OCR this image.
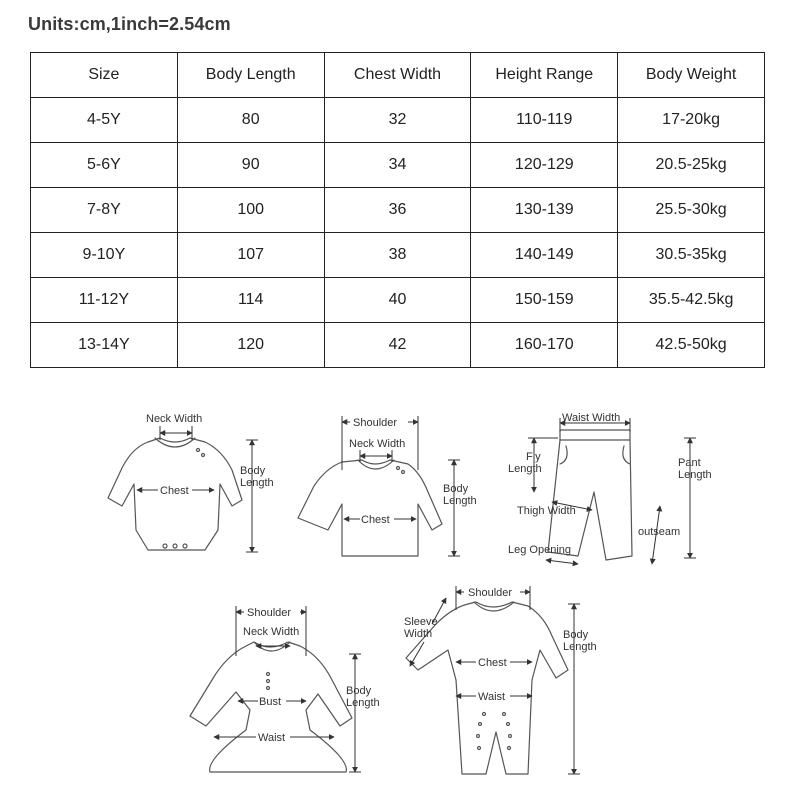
Units:cm,1inch=2.54cm
Size	Body Length	Chest Width	Height Range	Body Weight
4-5Y	80	32	110-119	17-20kg
5-6Y	90	34	120-129	20.5-25kg
7-8Y	100	36	130-139	25.5-30kg
9-10Y	107	38	140-149	30.5-35kg
11-12Y	114	40	150-159	35.5-42.5kg
13-14Y	120	42	160-170	42.5-50kg
Neck Width
Chest
Body
Length
Shoulder
Neck Width
Chest
Body
Length
Waist Width
Fly
Length	Pant
Length
Thigh Width
outseam
Leg Opening
Shoulder
Neck Width
Bust
Waist
Body
Length
Shoulder
Sleeve
Width
Chest
Waist
Body
Length
